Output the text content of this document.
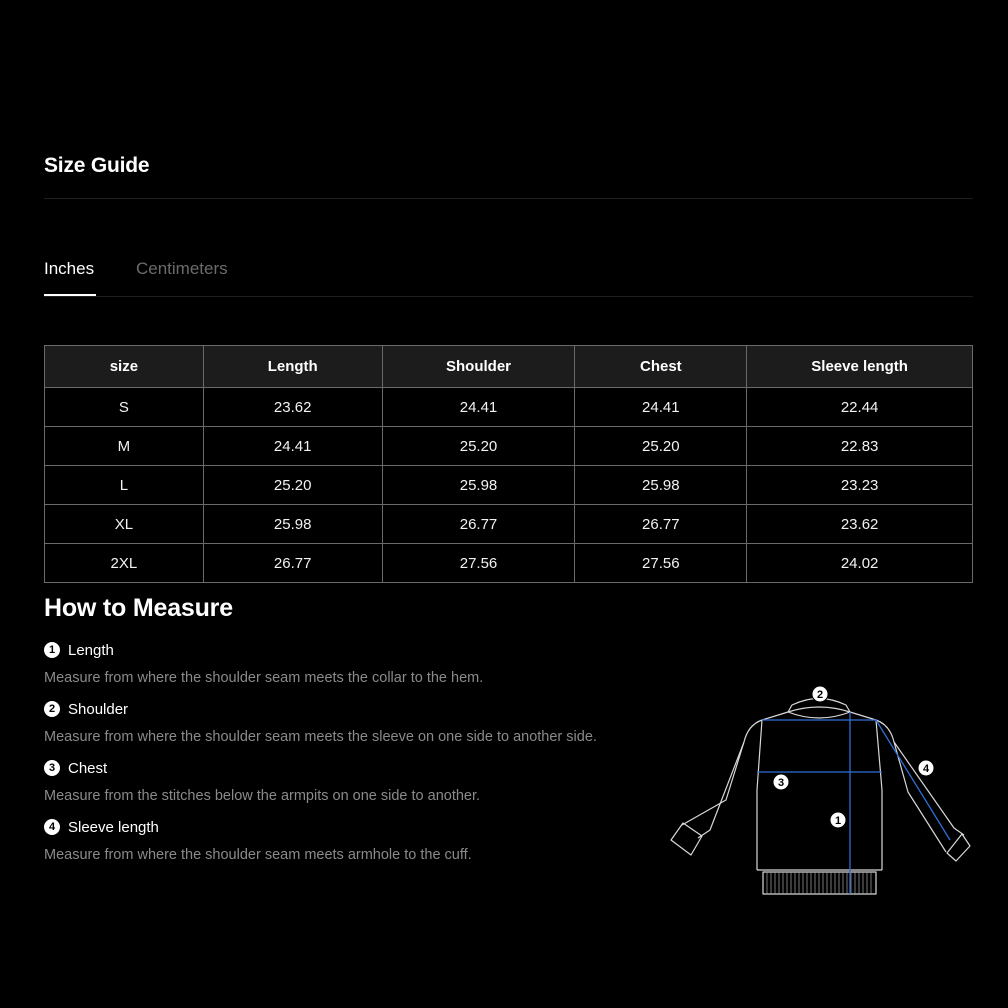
Size Guide
Inches Centimeters
size	Length	Shoulder	Chest	Sleeve length
S	23.62	24.41	24.41	22.44
M	24.41	25.20	25.20	22.83
L	25.20	25.98	25.98	23.23
XL	25.98	26.77	26.77	23.62
2XL	26.77	27.56	27.56	24.02
How to Measure
1 Length
Measure from where the shoulder seam meets the collar to the hem.
2 Shoulder
Measure from where the shoulder seam meets the sleeve on one side to another side.
3 Chest
Measure from the stitches below the armpits on one side to another.
4 Sleeve length
Measure from where the shoulder seam meets armhole to the cuff.
1
2
3
4
